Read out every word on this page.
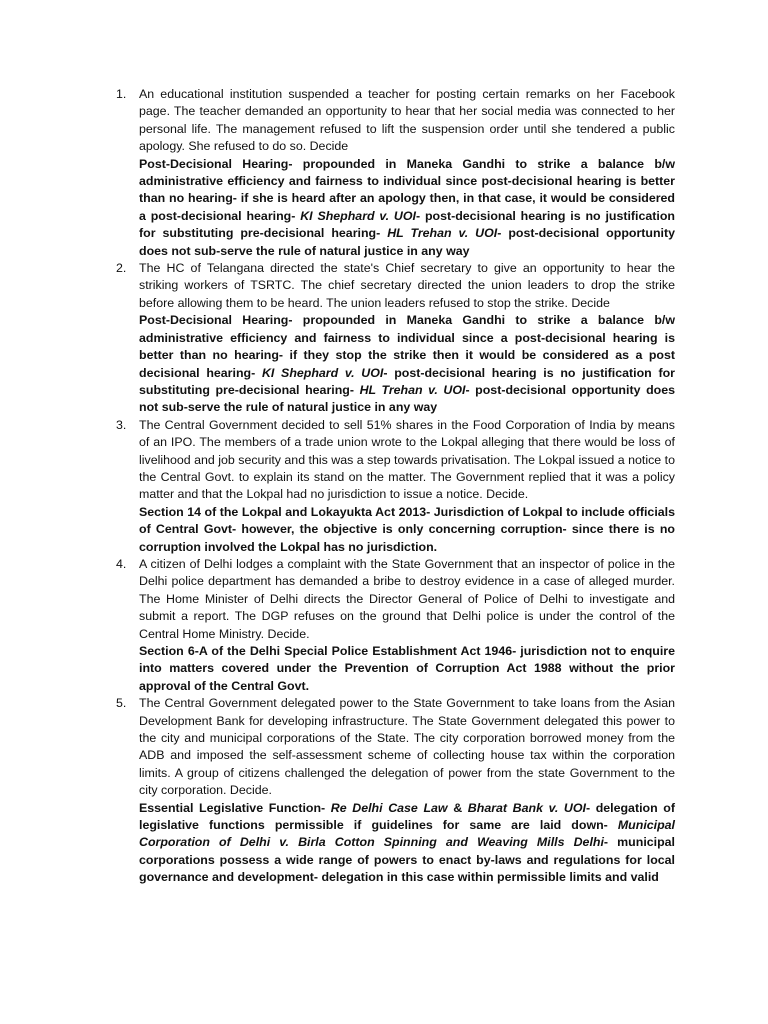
1. An educational institution suspended a teacher for posting certain remarks on her Facebook page. The teacher demanded an opportunity to hear that her social media was connected to her personal life. The management refused to lift the suspension order until she tendered a public apology. She refused to do so. Decide

Post-Decisional Hearing- propounded in Maneka Gandhi to strike a balance b/w administrative efficiency and fairness to individual since post-decisional hearing is better than no hearing- if she is heard after an apology then, in that case, it would be considered a post-decisional hearing- KI Shephard v. UOI- post-decisional hearing is no justification for substituting pre-decisional hearing- HL Trehan v. UOI- post-decisional opportunity does not sub-serve the rule of natural justice in any way

2. The HC of Telangana directed the state's Chief secretary to give an opportunity to hear the striking workers of TSRTC. The chief secretary directed the union leaders to drop the strike before allowing them to be heard. The union leaders refused to stop the strike. Decide

Post-Decisional Hearing- propounded in Maneka Gandhi to strike a balance b/w administrative efficiency and fairness to individual since a post-decisional hearing is better than no hearing- if they stop the strike then it would be considered as a post decisional hearing- KI Shephard v. UOI- post-decisional hearing is no justification for substituting pre-decisional hearing- HL Trehan v. UOI- post-decisional opportunity does not sub-serve the rule of natural justice in any way

3. The Central Government decided to sell 51% shares in the Food Corporation of India by means of an IPO. The members of a trade union wrote to the Lokpal alleging that there would be loss of livelihood and job security and this was a step towards privatisation. The Lokpal issued a notice to the Central Govt. to explain its stand on the matter. The Government replied that it was a policy matter and that the Lokpal had no jurisdiction to issue a notice. Decide.

Section 14 of the Lokpal and Lokayukta Act 2013- Jurisdiction of Lokpal to include officials of Central Govt- however, the objective is only concerning corruption- since there is no corruption involved the Lokpal has no jurisdiction.

4. A citizen of Delhi lodges a complaint with the State Government that an inspector of police in the Delhi police department has demanded a bribe to destroy evidence in a case of alleged murder. The Home Minister of Delhi directs the Director General of Police of Delhi to investigate and submit a report. The DGP refuses on the ground that Delhi police is under the control of the Central Home Ministry. Decide.

Section 6-A of the Delhi Special Police Establishment Act 1946- jurisdiction not to enquire into matters covered under the Prevention of Corruption Act 1988 without the prior approval of the Central Govt.

5. The Central Government delegated power to the State Government to take loans from the Asian Development Bank for developing infrastructure. The State Government delegated this power to the city and municipal corporations of the State. The city corporation borrowed money from the ADB and imposed the self-assessment scheme of collecting house tax within the corporation limits. A group of citizens challenged the delegation of power from the state Government to the city corporation. Decide.

Essential Legislative Function- Re Delhi Case Law & Bharat Bank v. UOI- delegation of legislative functions permissible if guidelines for same are laid down- Municipal Corporation of Delhi v. Birla Cotton Spinning and Weaving Mills Delhi- municipal corporations possess a wide range of powers to enact by-laws and regulations for local governance and development- delegation in this case within permissible limits and valid
